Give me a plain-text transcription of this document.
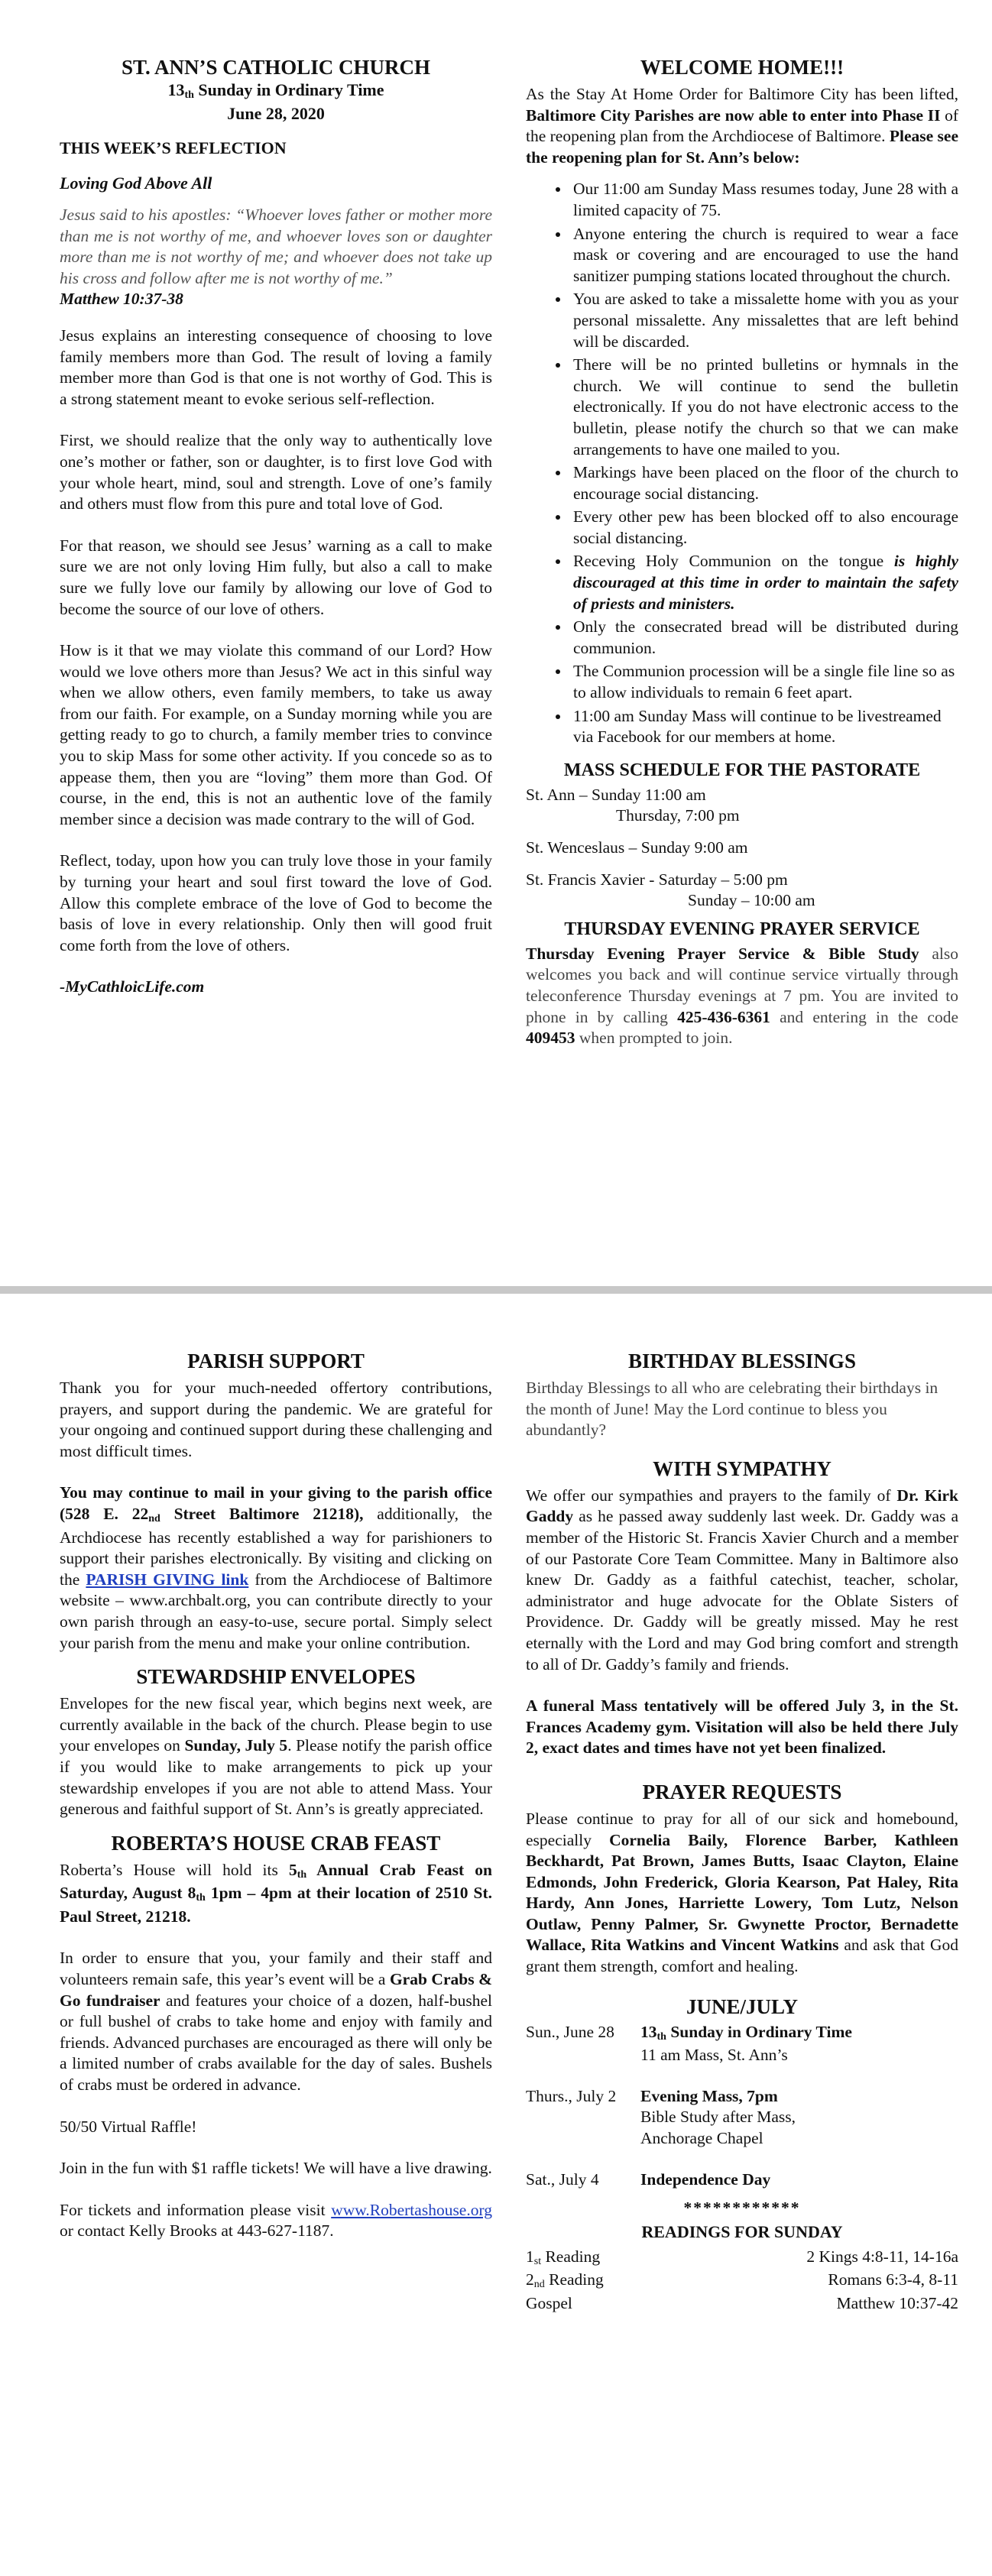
ST. ANN’S CATHOLIC CHURCH
13th Sunday in Ordinary Time
June 28, 2020
THIS WEEK’S REFLECTION
Loving God Above All

Jesus said to his apostles: “Whoever loves father or mother more than me is not worthy of me, and whoever loves son or daughter more than me is not worthy of me; and whoever does not take up his cross and follow after me is not worthy of me.”

Matthew 10:37-38

Jesus explains an interesting consequence of choosing to love family members more than God. The result of loving a family member more than God is that one is not worthy of God. This is a strong statement meant to evoke serious self-reflection.

First, we should realize that the only way to authentically love one’s mother or father, son or daughter, is to first love God with your whole heart, mind, soul and strength. Love of one’s family and others must flow from this pure and total love of God.

For that reason, we should see Jesus’ warning as a call to make sure we are not only loving Him fully, but also a call to make sure we fully love our family by allowing our love of God to become the source of our love of others.

How is it that we may violate this command of our Lord? How would we love others more than Jesus? We act in this sinful way when we allow others, even family members, to take us away from our faith. For example, on a Sunday morning while you are getting ready to go to church, a family member tries to convince you to skip Mass for some other activity. If you concede so as to appease them, then you are “loving” them more than God. Of course, in the end, this is not an authentic love of the family member since a decision was made contrary to the will of God.

Reflect, today, upon how you can truly love those in your family by turning your heart and soul first toward the love of God. Allow this complete embrace of the love of God to become the basis of love in every relationship. Only then will good fruit come forth from the love of others.

-MyCathloicLife.com

WELCOME HOME!!!

As the Stay At Home Order for Baltimore City has been lifted, Baltimore City Parishes are now able to enter into Phase II of the reopening plan from the Archdiocese of Baltimore. Please see the reopening plan for St. Ann’s below:

• Our 11:00 am Sunday Mass resumes today, June 28 with a limited capacity of 75.
• Anyone entering the church is required to wear a face mask or covering and are encouraged to use the hand sanitizer pumping stations located throughout the church.
• You are asked to take a missalette home with you as your personal missalette. Any missalettes that are left behind will be discarded.
• There will be no printed bulletins or hymnals in the church. We will continue to send the bulletin electronically. If you do not have electronic access to the bulletin, please notify the church so that we can make arrangements to have one mailed to you.
• Markings have been placed on the floor of the church to encourage social distancing.
• Every other pew has been blocked off to also encourage social distancing.
• Receving Holy Communion on the tongue is highly discouraged at this time in order to maintain the safety of priests and ministers.
• Only the consecrated bread will be distributed during communion.
• The Communion procession will be a single file line so as to allow individuals to remain 6 feet apart.
• 11:00 am Sunday Mass will continue to be livestreamed via Facebook for our members at home.
MASS SCHEDULE FOR THE PASTORATE
St. Ann – Sunday 11:00 am
Thursday, 7:00 pm
St. Wenceslaus – Sunday 9:00 am
St. Francis Xavier - Saturday – 5:00 pm
Sunday – 10:00 am
THURSDAY EVENING PRAYER SERVICE

Thursday Evening Prayer Service & Bible Study also welcomes you back and will continue service virtually through teleconference Thursday evenings at 7 pm. You are invited to phone in by calling 425-436-6361 and entering in the code 409453 when prompted to join.

PARISH SUPPORT

Thank you for your much-needed offertory contributions, prayers, and support during the pandemic. We are grateful for your ongoing and continued support during these challenging and most difficult times.

You may continue to mail in your giving to the parish office (528 E. 22nd Street Baltimore 21218), additionally, the Archdiocese has recently established a way for parishioners to support their parishes electronically. By visiting and clicking on the PARISH GIVING link from the Archdiocese of Baltimore website – www.archbalt.org, you can contribute directly to your own parish through an easy-to-use, secure portal. Simply select your parish from the menu and make your online contribution.

STEWARDSHIP ENVELOPES

Envelopes for the new fiscal year, which begins next week, are currently available in the back of the church. Please begin to use your envelopes on Sunday, July 5. Please notify the parish office if you would like to make arrangements to pick up your stewardship envelopes if you are not able to attend Mass. Your generous and faithful support of St. Ann’s is greatly appreciated.

ROBERTA’S HOUSE CRAB FEAST

Roberta’s House will hold its 5th Annual Crab Feast on Saturday, August 8th 1pm – 4pm at their location of 2510 St. Paul Street, 21218.

In order to ensure that you, your family and their staff and volunteers remain safe, this year’s event will be a Grab Crabs & Go fundraiser and features your choice of a dozen, half-bushel or full bushel of crabs to take home and enjoy with family and friends. Advanced purchases are encouraged as there will only be a limited number of crabs available for the day of sales. Bushels of crabs must be ordered in advance.

50/50 Virtual Raffle!

Join in the fun with $1 raffle tickets! We will have a live drawing.

For tickets and information please visit www.Robertashouse.org or contact Kelly Brooks at 443-627-1187.

BIRTHDAY BLESSINGS

Birthday Blessings to all who are celebrating their birthdays in the month of June! May the Lord continue to bless you abundantly?

WITH SYMPATHY

We offer our sympathies and prayers to the family of Dr. Kirk Gaddy as he passed away suddenly last week. Dr. Gaddy was a member of the Historic St. Francis Xavier Church and a member of our Pastorate Core Team Committee. Many in Baltimore also knew Dr. Gaddy as a faithful catechist, teacher, scholar, administrator and huge advocate for the Oblate Sisters of Providence. Dr. Gaddy will be greatly missed. May he rest eternally with the Lord and may God bring comfort and strength to all of Dr. Gaddy’s family and friends.

A funeral Mass tentatively will be offered July 3, in the St. Frances Academy gym. Visitation will also be held there July 2, exact dates and times have not yet been finalized.

PRAYER REQUESTS

Please continue to pray for all of our sick and homebound, especially Cornelia Baily, Florence Barber, Kathleen Beckhardt, Pat Brown, James Butts, Isaac Clayton, Elaine Edmonds, John Frederick, Gloria Kearson, Pat Haley, Rita Hardy, Ann Jones, Harriette Lowery, Tom Lutz, Nelson Outlaw, Penny Palmer, Sr. Gwynette Proctor, Bernadette Wallace, Rita Watkins and Vincent Watkins and ask that God grant them strength, comfort and healing.

JUNE/JULY
Sun., June 28	13th Sunday in Ordinary Time
11 am Mass, St. Ann’s
Thurs., July 2	Evening Mass, 7pm
Bible Study after Mass, Anchorage Chapel
Sat., July 4	Independence Day
************
READINGS FOR SUNDAY
1st Reading	2 Kings 4:8-11, 14-16a
2nd Reading	Romans 6:3-4, 8-11
Gospel	Matthew 10:37-42
